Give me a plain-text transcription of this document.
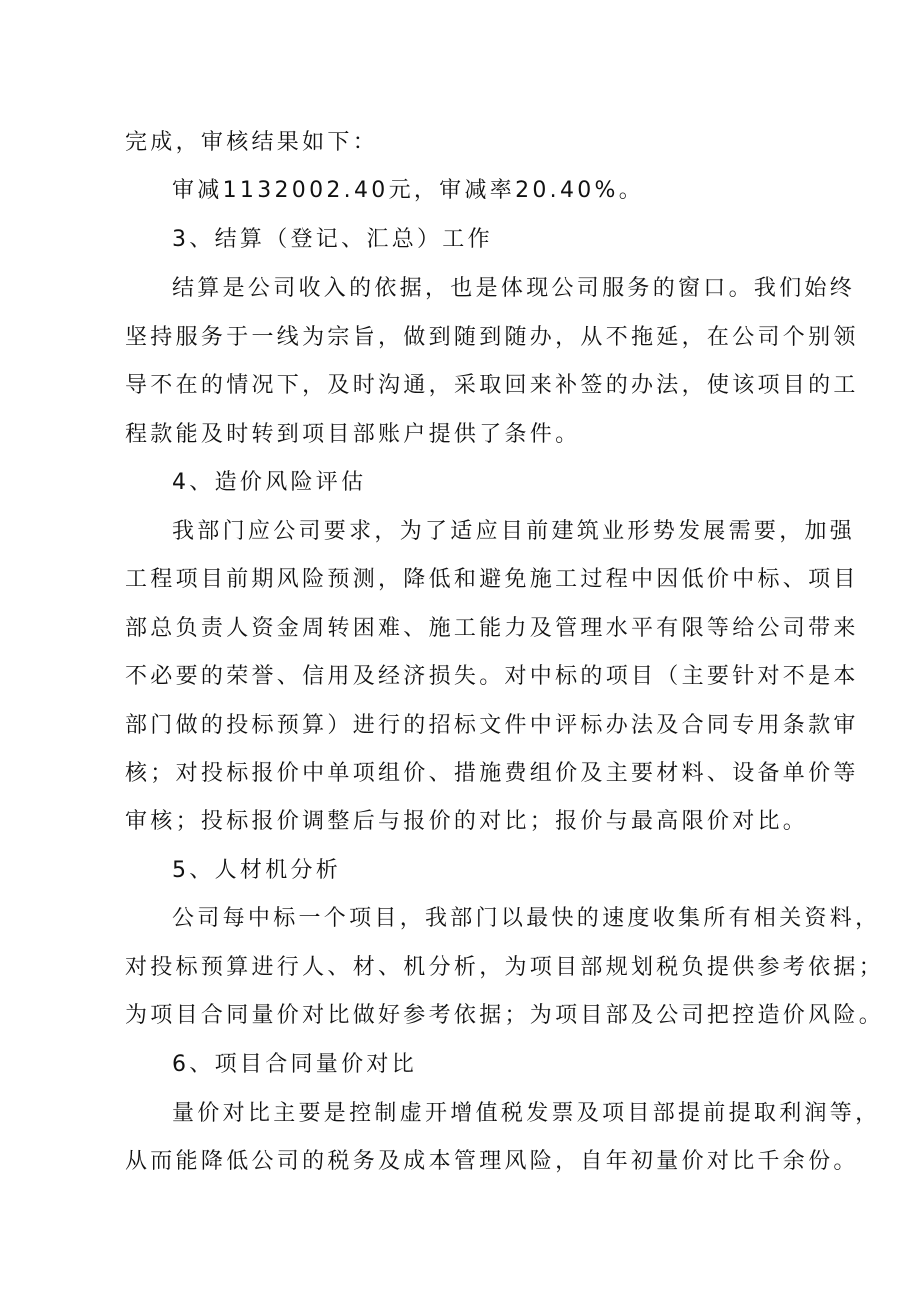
完成，审核结果如下：

审减1132002.40元，审减率20.40%。

3、结算（登记、汇总）工作

结算是公司收入的依据，也是体现公司服务的窗口。我们始终

坚持服务于一线为宗旨，做到随到随办，从不拖延，在公司个别领

导不在的情况下，及时沟通，采取回来补签的办法，使该项目的工

程款能及时转到项目部账户提供了条件。

4、造价风险评估

我部门应公司要求，为了适应目前建筑业形势发展需要，加强

工程项目前期风险预测，降低和避免施工过程中因低价中标、项目

部总负责人资金周转困难、施工能力及管理水平有限等给公司带来

不必要的荣誉、信用及经济损失。对中标的项目（主要针对不是本

部门做的投标预算）进行的招标文件中评标办法及合同专用条款审

核；对投标报价中单项组价、措施费组价及主要材料、设备单价等

审核；投标报价调整后与报价的对比；报价与最高限价对比。

5、人材机分析

公司每中标一个项目，我部门以最快的速度收集所有相关资料，

对投标预算进行人、材、机分析，为项目部规划税负提供参考依据；

为项目合同量价对比做好参考依据；为项目部及公司把控造价风险。

6、项目合同量价对比

量价对比主要是控制虚开增值税发票及项目部提前提取利润等，

从而能降低公司的税务及成本管理风险，自年初量价对比千余份。
